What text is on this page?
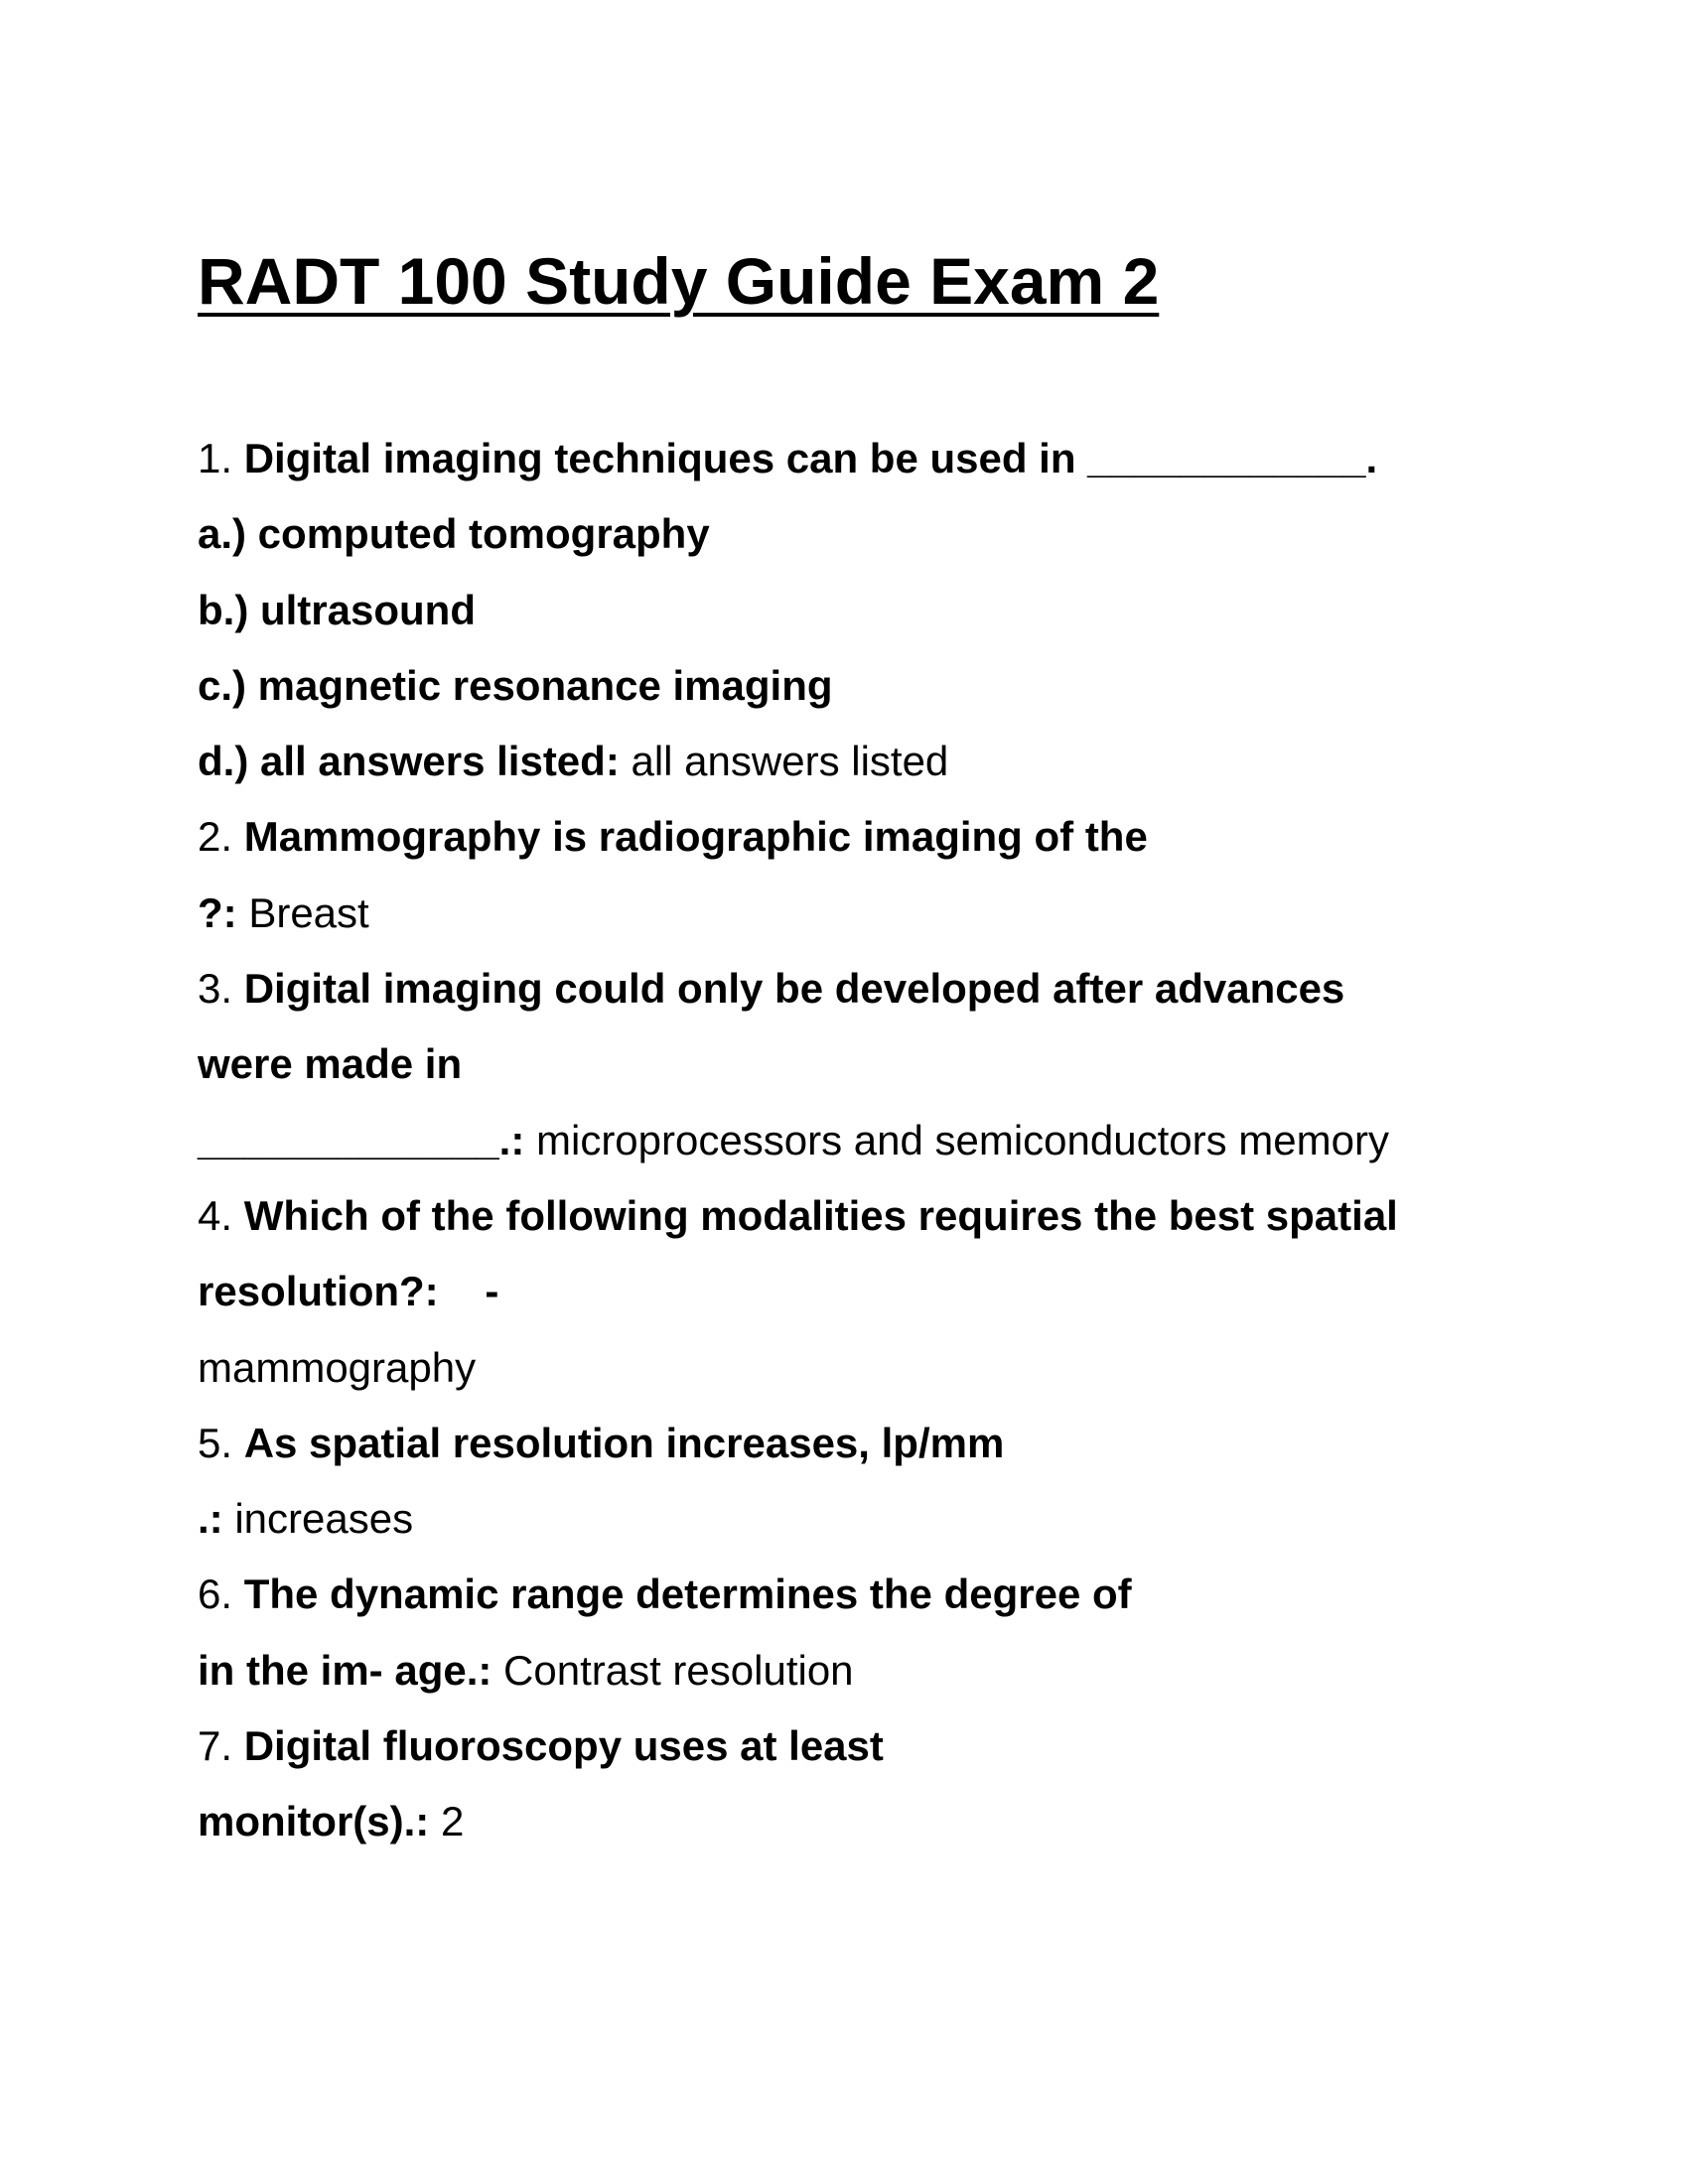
RADT 100 Study Guide Exam 2
1. Digital imaging techniques can be used in ____________.
a.) computed tomography
b.) ultrasound
c.) magnetic resonance imaging
d.) all answers listed: all answers listed
2. Mammography is radiographic imaging of the
?: Breast
3. Digital imaging could only be developed after advances
were made in
_____________.: microprocessors and semiconductors memory
4. Which of the following modalities requires the best spatial
resolution?:    -
mammography
5. As spatial resolution increases, lp/mm
.: increases
6. The dynamic range determines the degree of
in the im- age.: Contrast resolution
7. Digital fluoroscopy uses at least
monitor(s).: 2
